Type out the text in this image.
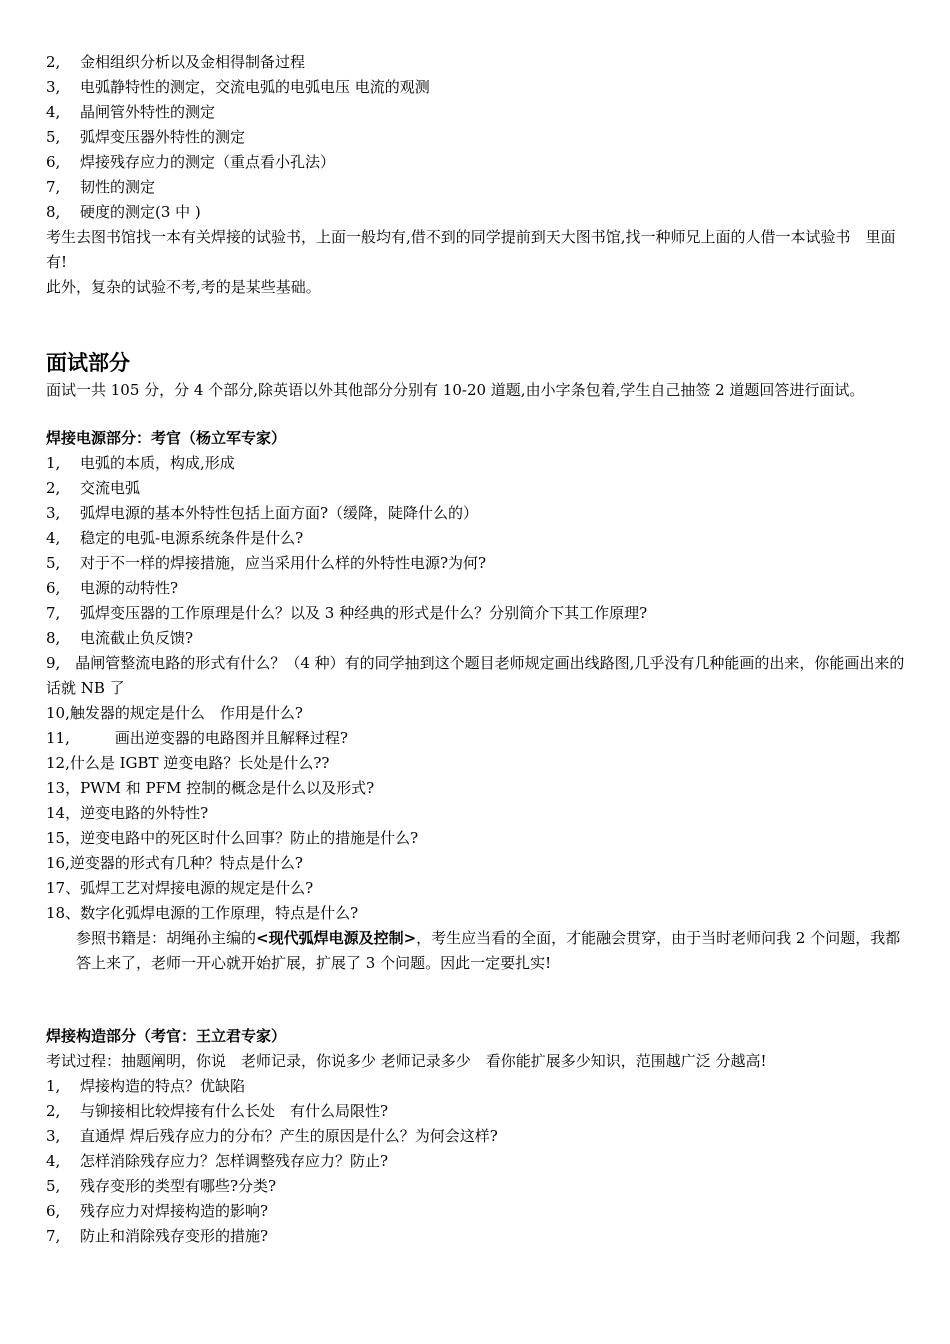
2, 金相组织分析以及金相得制备过程
3, 电弧静特性的测定，交流电弧的电弧电压 电流的观测
4, 晶闸管外特性的测定
5, 弧焊变压器外特性的测定
6, 焊接残存应力的测定（重点看小孔法）
7, 韧性的测定
8, 硬度的测定(3 中 )
考生去图书馆找一本有关焊接的试验书，上面一般均有,借不到的同学提前到天大图书馆,找一种师兄上面的人借一本试验书　里面有!
此外，复杂的试验不考,考的是某些基础。
面试部分
面试一共 105 分，分 4 个部分,除英语以外其他部分分别有 10-20 道题,由小字条包着,学生自己抽签 2 道题回答进行面试。
焊接电源部分：考官（杨立军专家）
1, 电弧的本质，构成,形成
2, 交流电弧
3, 弧焊电源的基本外特性包括上面方面?（缓降，陡降什么的）
4, 稳定的电弧-电源系统条件是什么?
5, 对于不一样的焊接措施，应当采用什么样的外特性电源?为何?
6, 电源的动特性?
7, 弧焊变压器的工作原理是什么？以及 3 种经典的形式是什么？分别简介下其工作原理?
8, 电流截止负反馈?
9,　晶闸管整流电路的形式有什么？（4 种）有的同学抽到这个题目老师规定画出线路图,几乎没有几种能画的出来，你能画出来的话就 NB 了
10,触发器的规定是什么　作用是什么?
11,　　　画出逆变器的电路图并且解释过程?
12,什么是 IGBT 逆变电路？长处是什么??
13，PWM 和 PFM 控制的概念是什么以及形式?
14，逆变电路的外特性?
15，逆变电路中的死区时什么回事？防止的措施是什么?
16,逆变器的形式有几种？特点是什么?
17、弧焊工艺对焊接电源的规定是什么?
18、数字化弧焊电源的工作原理，特点是什么?
参照书籍是：胡绳孙主编的<现代弧焊电源及控制>，考生应当看的全面，才能融会贯穿，由于当时老师问我 2 个问题，我都答上来了，老师一开心就开始扩展，扩展了 3 个问题。因此一定要扎实!
焊接构造部分（考官：王立君专家）
考试过程：抽题阐明，你说　老师记录，你说多少 老师记录多少　看你能扩展多少知识，范围越广泛 分越高!
1, 焊接构造的特点？优缺陷
2, 与铆接相比较焊接有什么长处　有什么局限性?
3, 直通焊 焊后残存应力的分布？产生的原因是什么？为何会这样?
4, 怎样消除残存应力？怎样调整残存应力？防止?
5, 残存变形的类型有哪些?分类?
6, 残存应力对焊接构造的影响?
7, 防止和消除残存变形的措施?
